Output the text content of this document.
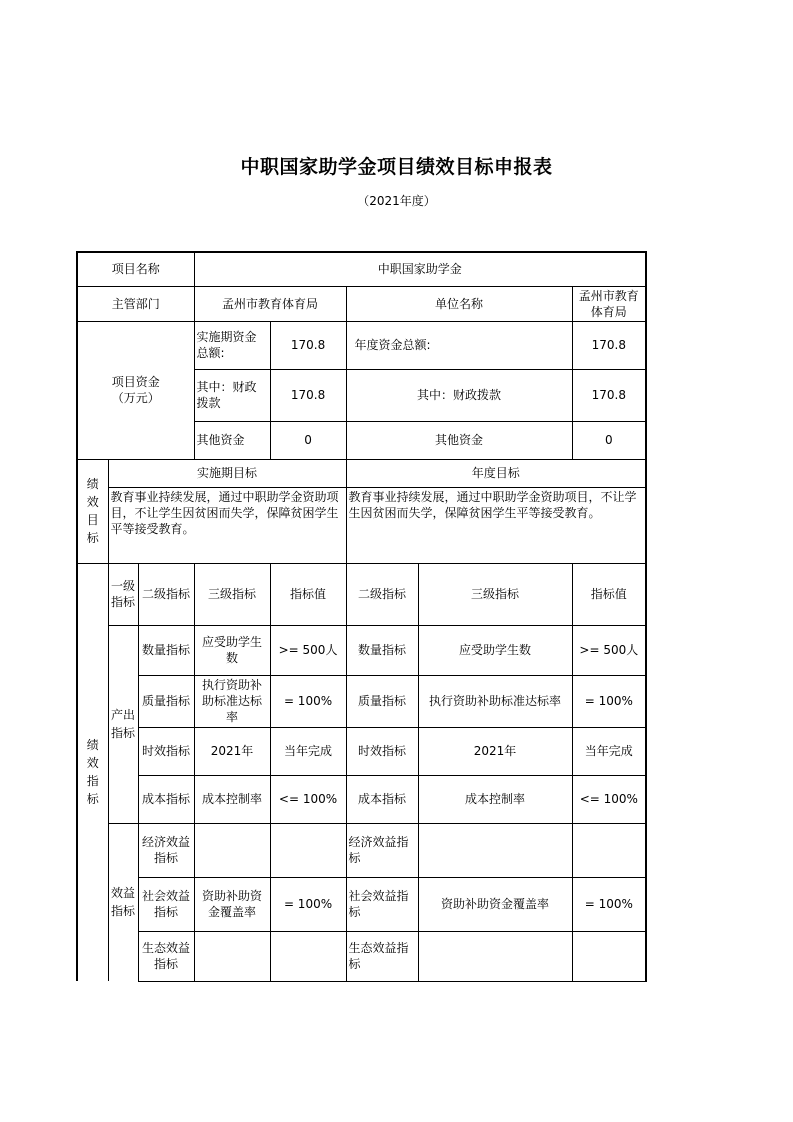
中职国家助学金项目绩效目标申报表
（2021年度）
项目名称			中职国家助学金				
主管部门			孟州市教育体育局		单位名称		孟州市教育体育局
项目资金
（万元）			实施期资金总额:	170.8	年度资金总额:		170.8
			其中：财政拨款	170.8	其中：财政拨款		170.8
			其他资金	0	其他资金		0

绩效目标	实施期目标				年度目标		
	教育事业持续发展，通过中职助学金资助项目，不让学生因贫困而失学，保障贫困学生平等接受教育。				教育事业持续发展，通过中职助学金资助项目，不让学生因贫困而失学，保障贫困学生平等接受教育。		

绩效指标	一级指标	二级指标	三级指标	指标值	二级指标	三级指标	指标值

	产出指标	数量指标	应受助学生数	>= 500人	数量指标	应受助学生数	>= 500人
		质量指标	执行资助补助标准达标率	= 100%	质量指标	执行资助补助标准达标率	= 100%
		时效指标	2021年	当年完成	时效指标	2021年	当年完成
		成本指标	成本控制率	<= 100%	成本指标	成本控制率	<= 100%

	效益指标	经济效益指标			经济效益指标		
		社会效益指标	资助补助资金覆盖率	= 100%	社会效益指标	资助补助资金覆盖率	= 100%
		生态效益指标			生态效益指标		
